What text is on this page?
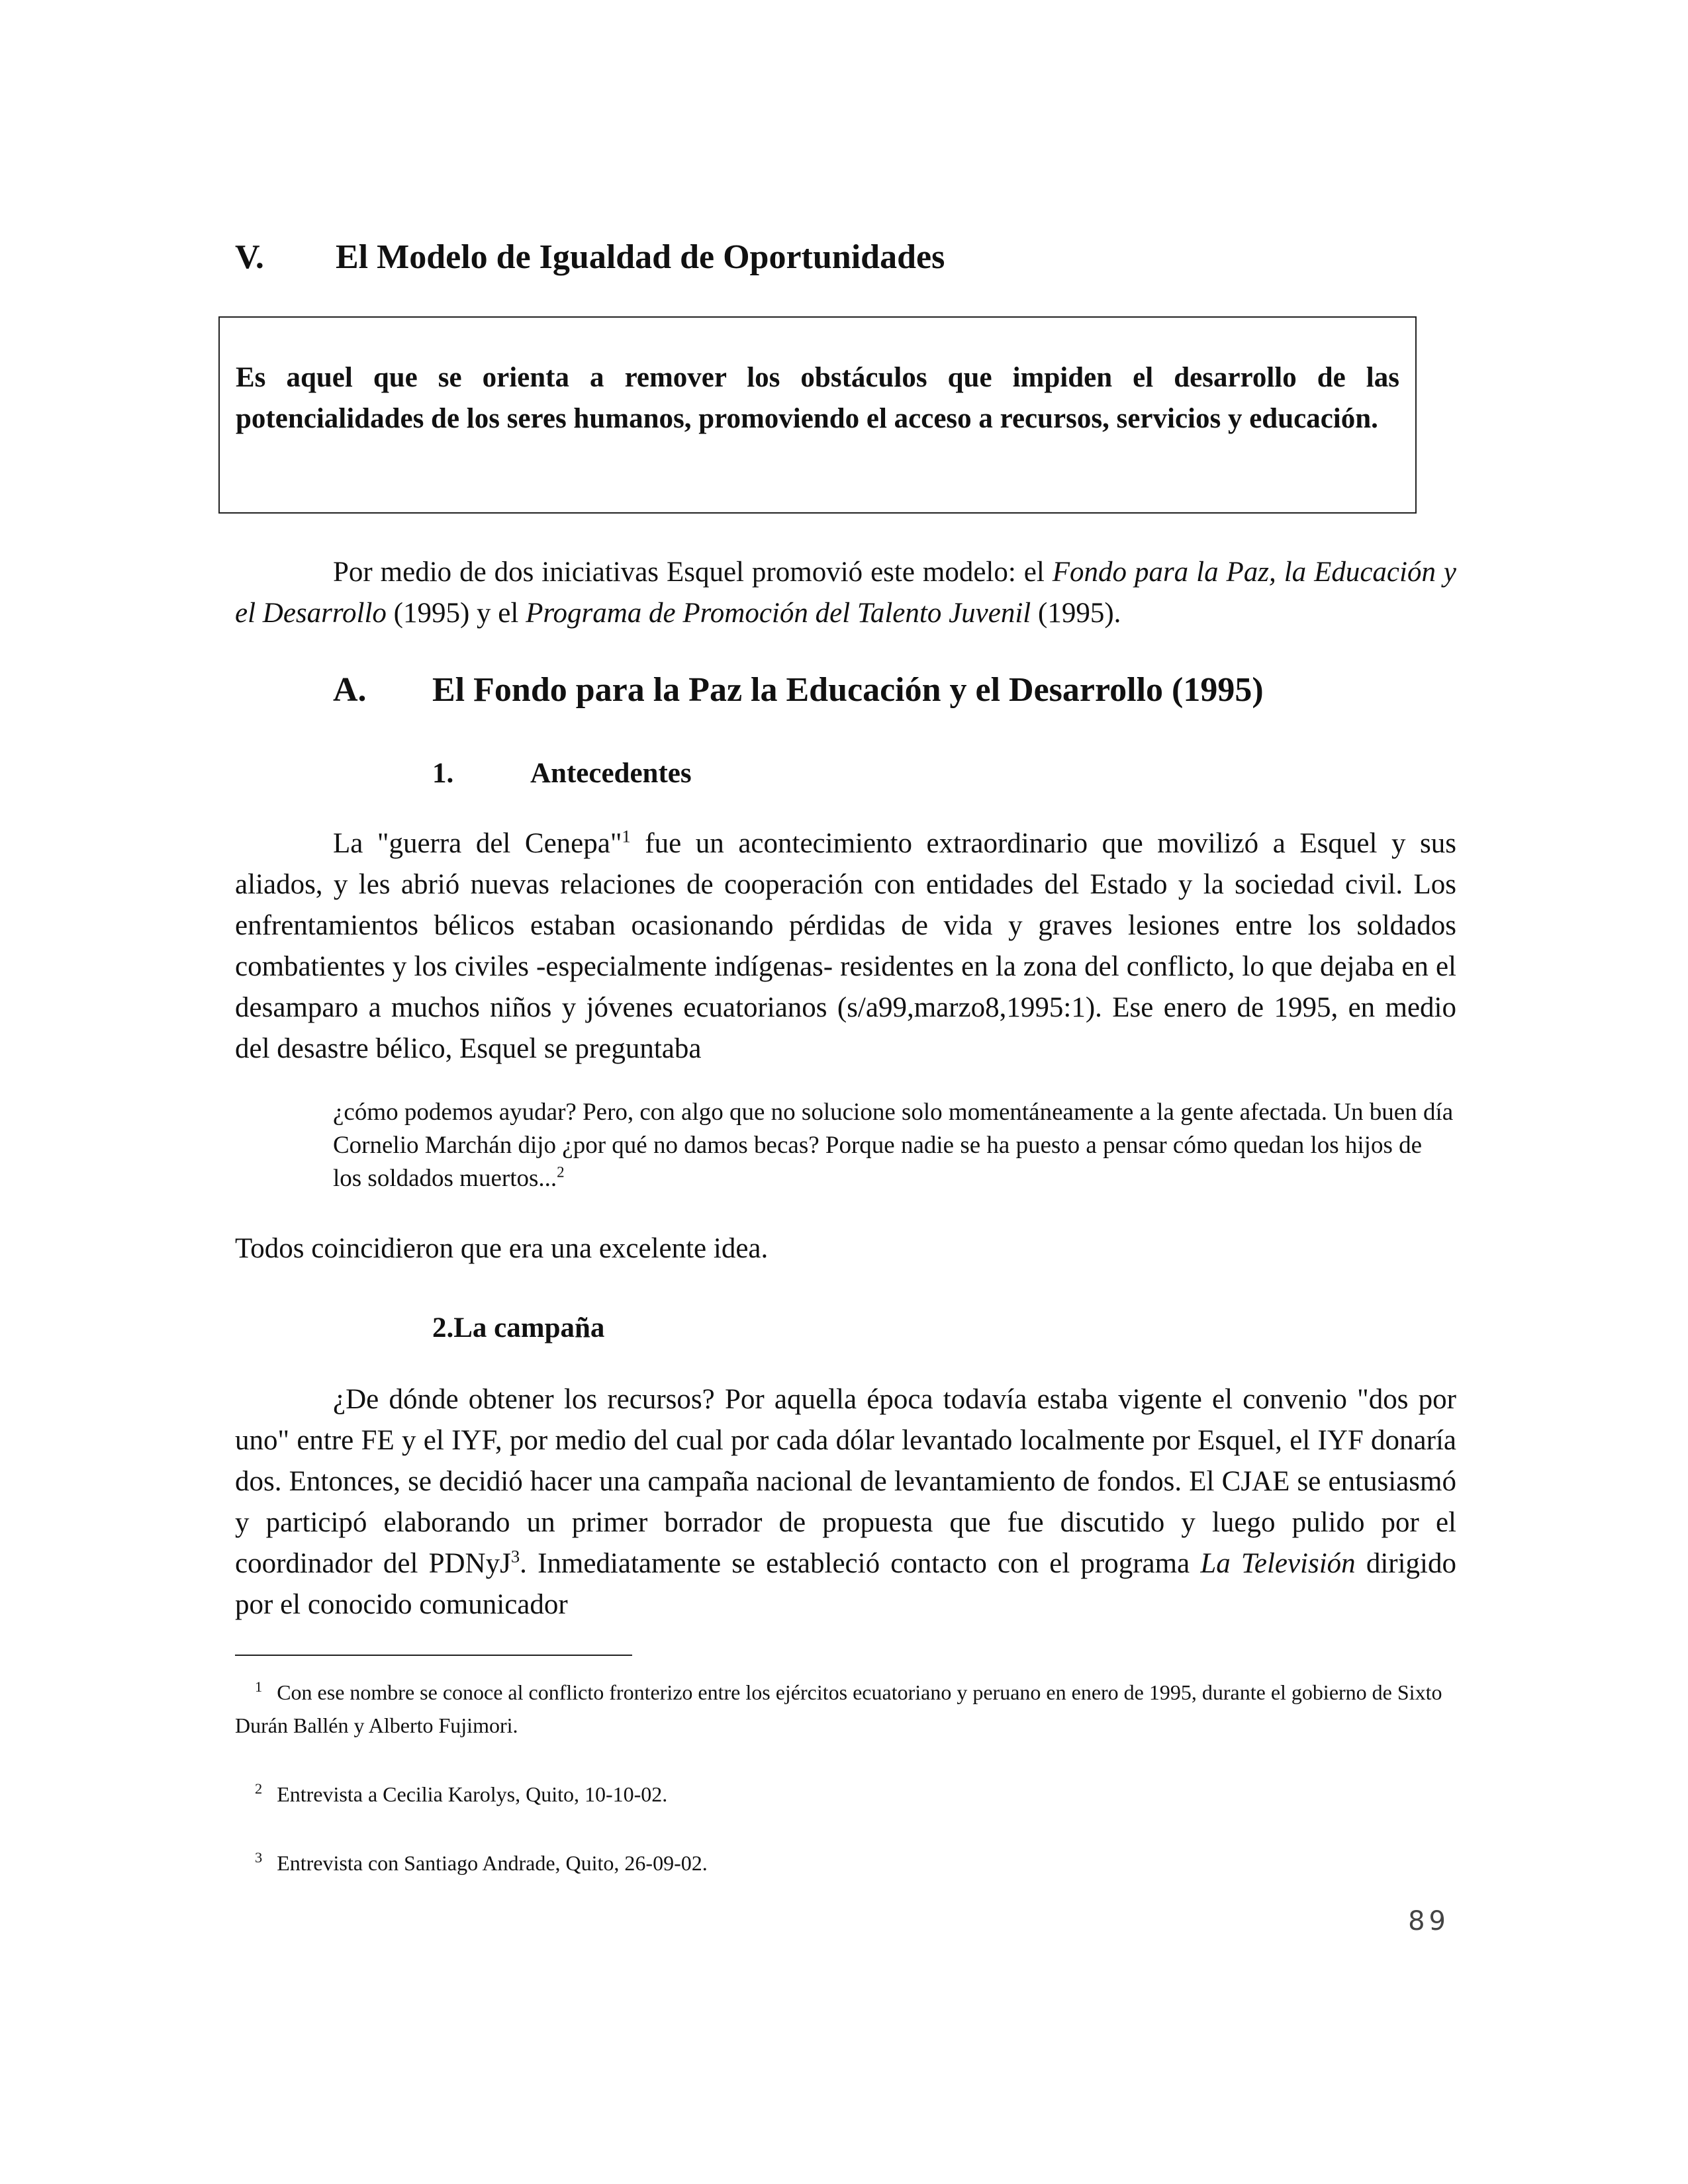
V. El Modelo de Igualdad de Oportunidades

Es aquel que se orienta a remover los obstáculos que impiden el desarrollo de las potencialidades de los seres humanos, promoviendo el acceso a recursos, servicios y educación.

Por medio de dos iniciativas Esquel promovió este modelo: el Fondo para la Paz, la Educación y el Desarrollo (1995) y el Programa de Promoción del Talento Juvenil (1995).

A. El Fondo para la Paz la Educación y el Desarrollo (1995)
1.	Antecedentes

La "guerra del Cenepa"$^1$ fue un acontecimiento extraordinario que movilizó a Esquel y sus aliados, y les abrió nuevas relaciones de cooperación con entidades del Estado y la sociedad civil. Los enfrentamientos bélicos estaban ocasionando pérdidas de vida y graves lesiones entre los soldados combatientes y los civiles -especialmente indígenas- residentes en la zona del conflicto, lo que dejaba en el desamparo a muchos niños y jóvenes ecuatorianos (s/a99,marzo8,1995:1). Ese enero de 1995, en medio del desastre bélico, Esquel se preguntaba

¿cómo podemos ayudar? Pero, con algo que no solucione solo momentáneamente a la gente afectada. Un buen día Cornelio Marchán dijo ¿por qué no damos becas? Porque nadie se ha puesto a pensar cómo quedan los hijos de los soldados muertos...$^2$

Todos coincidieron que era una excelente idea.

2.La campaña

¿De dónde obtener los recursos? Por aquella época todavía estaba vigente el convenio "dos por uno" entre FE y el IYF, por medio del cual por cada dólar levantado localmente por Esquel, el IYF donaría dos. Entonces, se decidió hacer una campaña nacional de levantamiento de fondos. El CJAE se entusiasmó y participó elaborando un primer borrador de propuesta que fue discutido y luego pulido por el coordinador del PDNyJ$^3$. Inmediatamente se estableció contacto con el programa La Televisión dirigido por el conocido comunicador

$^1$ Con ese nombre se conoce al conflicto fronterizo entre los ejércitos ecuatoriano y peruano en enero de 1995, durante el gobierno de Sixto Durán Ballén y Alberto Fujimori.

$^2$ Entrevista a Cecilia Karolys, Quito, 10-10-02.

$^3$ Entrevista con Santiago Andrade, Quito, 26-09-02.

89
